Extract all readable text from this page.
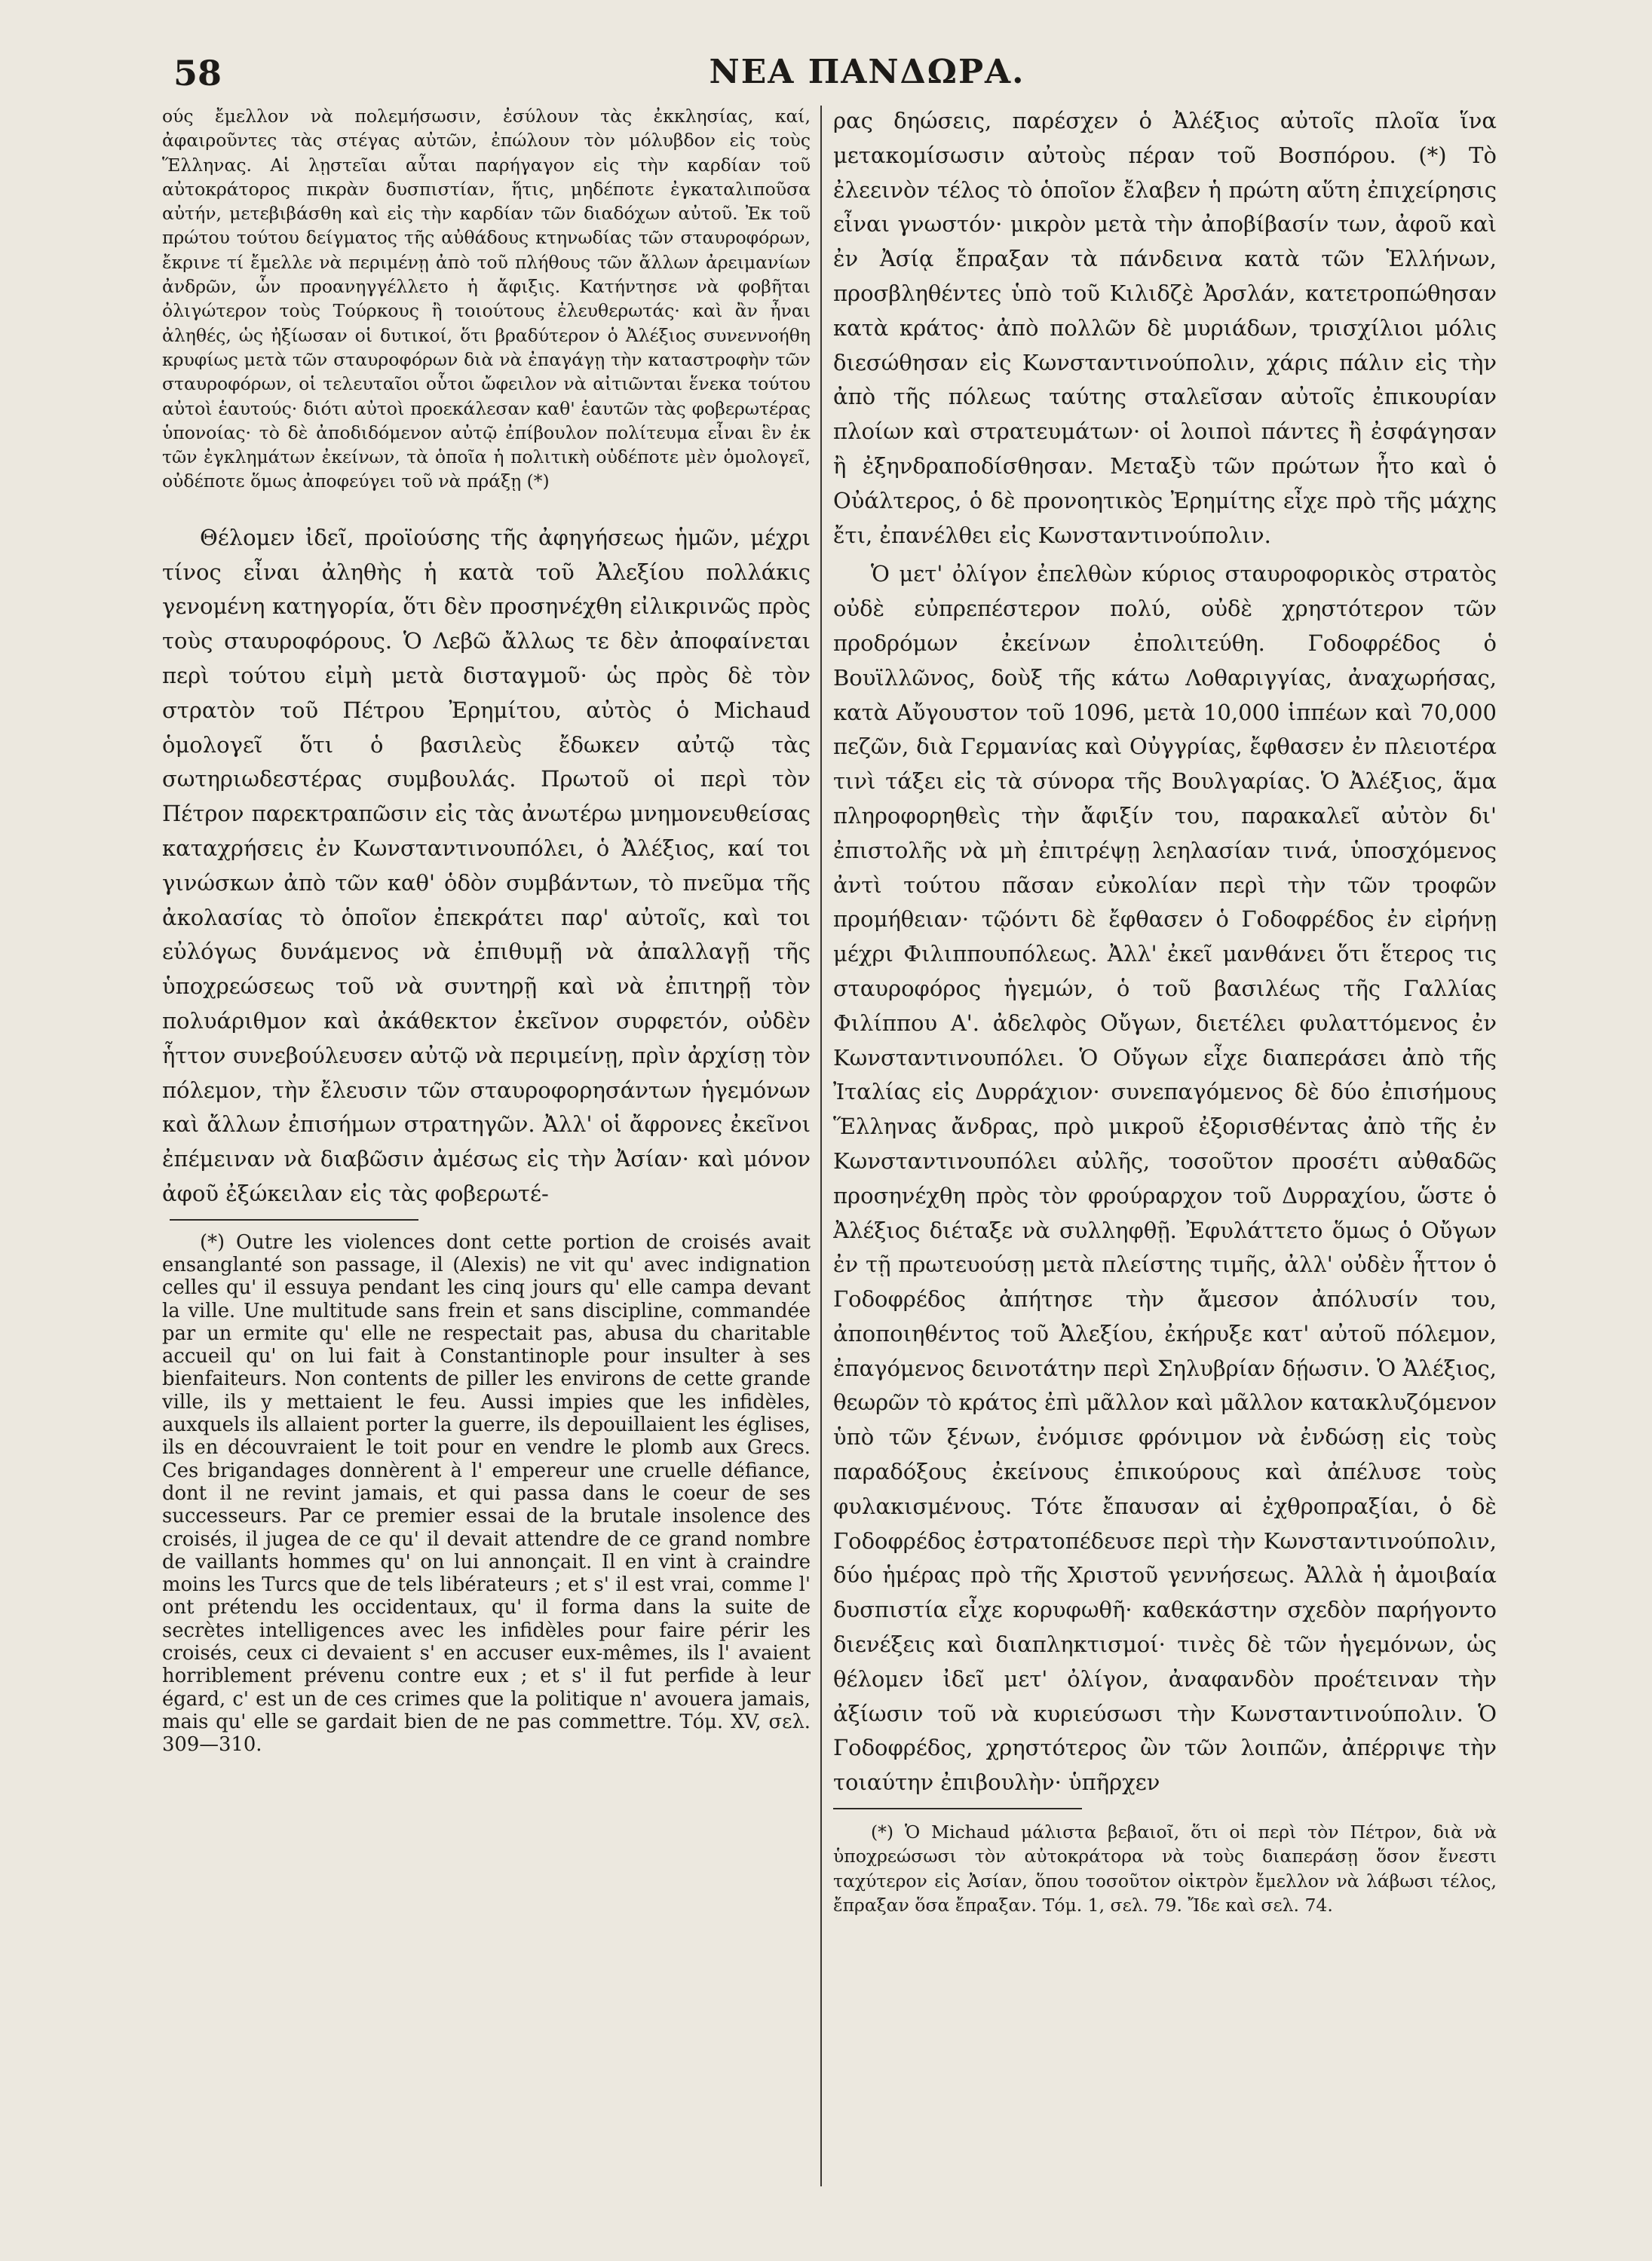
58	ΝΕΑ ΠΑΝΔΩΡΑ.

ούς ἔμελλον νὰ πολεμήσωσιν, ἐσύλουν τὰς ἐκκλησίας, καί, ἀφαιροῦντες τὰς στέγας αὐτῶν, ἐπώλουν τὸν μόλυβδον εἰς τοὺς Ἕλληνας. Αἱ λῃστεῖαι αὗται παρήγαγον εἰς τὴν καρδίαν τοῦ αὐτοκράτορος πικρὰν δυσπιστίαν, ἥτις, μηδέποτε ἐγκαταλιποῦσα αὐτήν, μετεβιβάσθη καὶ εἰς τὴν καρδίαν τῶν διαδόχων αὐτοῦ. Ἐκ τοῦ πρώτου τούτου δείγματος τῆς αὐθάδους κτηνωδίας τῶν σταυροφόρων, ἔκρινε τί ἔμελλε νὰ περιμένῃ ἀπὸ τοῦ πλήθους τῶν ἄλλων ἀρειμανίων ἀνδρῶν, ὧν προανηγγέλλετο ἡ ἄφιξις. Κατήντησε νὰ φοβῆται ὀλιγώτερον τοὺς Τούρκους ἢ τοιούτους ἐλευθερωτάς· καὶ ἂν ἦναι ἀληθές, ὡς ἠξίωσαν οἱ δυτικοί, ὅτι βραδύτερον ὁ Ἀλέξιος συνεννοήθη κρυφίως μετὰ τῶν σταυροφόρων διὰ νὰ ἐπαγάγῃ τὴν καταστροφὴν τῶν σταυροφόρων, οἱ τελευταῖοι οὗτοι ὤφειλον νὰ αἰτιῶνται ἕνεκα τούτου αὐτοὶ ἑαυτούς· διότι αὐτοὶ προεκάλεσαν καθ' ἑαυτῶν τὰς φοβερωτέρας ὑπονοίας· τὸ δὲ ἀποδιδόμενον αὐτῷ ἐπίβουλον πολίτευμα εἶναι ἓν ἐκ τῶν ἐγκλημάτων ἐκείνων, τὰ ὁποῖα ἡ πολιτικὴ οὐδέποτε μὲν ὁμολογεῖ, οὐδέποτε ὅμως ἀποφεύγει τοῦ νὰ πράξῃ (*)

Θέλομεν ἰδεῖ, προϊούσης τῆς ἀφηγήσεως ἡμῶν, μέχρι τίνος εἶναι ἀληθὴς ἡ κατὰ τοῦ Ἀλεξίου πολλάκις γενομένη κατηγορία, ὅτι δὲν προσηνέχθη εἰλικρινῶς πρὸς τοὺς σταυροφόρους. Ὁ Λεβῶ ἄλλως τε δὲν ἀποφαίνεται περὶ τούτου εἰμὴ μετὰ δισταγμοῦ· ὡς πρὸς δὲ τὸν στρατὸν τοῦ Πέτρου Ἐρημίτου, αὐτὸς ὁ Michaud ὁμολογεῖ ὅτι ὁ βασιλεὺς ἔδωκεν αὐτῷ τὰς σωτηριωδεστέρας συμβουλάς. Πρωτοῦ οἱ περὶ τὸν Πέτρον παρεκτραπῶσιν εἰς τὰς ἀνωτέρω μνημονευθείσας καταχρήσεις ἐν Κωνσταντινουπόλει, ὁ Ἀλέξιος, καί τοι γινώσκων ἀπὸ τῶν καθ' ὁδὸν συμβάντων, τὸ πνεῦμα τῆς ἀκολασίας τὸ ὁποῖον ἐπεκράτει παρ' αὐτοῖς, καὶ τοι εὐλόγως δυνάμενος νὰ ἐπιθυμῇ νὰ ἀπαλλαγῇ τῆς ὑποχρεώσεως τοῦ νὰ συντηρῇ καὶ νὰ ἐπιτηρῇ τὸν πολυάριθμον καὶ ἀκάθεκτον ἐκεῖνον συρφετόν, οὐδὲν ἧττον συνεβούλευσεν αὐτῷ νὰ περιμείνῃ, πρὶν ἀρχίσῃ τὸν πόλεμον, τὴν ἔλευσιν τῶν σταυροφορησάντων ἡγεμόνων καὶ ἄλλων ἐπισήμων στρατηγῶν. Ἀλλ' οἱ ἄφρονες ἐκεῖνοι ἐπέμειναν νὰ διαβῶσιν ἀμέσως εἰς τὴν Ἀσίαν· καὶ μόνον ἀφοῦ ἐξώκειλαν εἰς τὰς φοβερωτέ-

(*) Outre les violences dont cette portion de croisés avait ensanglanté son passage, il (Alexis) ne vit qu' avec indignation celles qu' il essuya pendant les cinq jours qu' elle campa devant la ville. Une multitude sans frein et sans discipline, commandée par un ermite qu' elle ne respectait pas, abusa du charitable accueil qu' on lui fait à Constantinople pour insulter à ses bienfaiteurs. Non contents de piller les environs de cette grande ville, ils y mettaient le feu. Aussi impies que les infidèles, auxquels ils allaient porter la guerre, ils depouillaient les églises, ils en découvraient le toit pour en vendre le plomb aux Grecs. Ces brigandages donnèrent à l' empereur une cruelle défiance, dont il ne revint jamais, et qui passa dans le coeur de ses successeurs. Par ce premier essai de la brutale insolence des croisés, il jugea de ce qu' il devait attendre de ce grand nombre de vaillants hommes qu' on lui annonçait. Il en vint à craindre moins les Turcs que de tels libérateurs ; et s' il est vrai, comme l' ont prétendu les occidentaux, qu' il forma dans la suite de secrètes intelligences avec les infidèles pour faire périr les croisés, ceux ci devaient s' en accuser eux-mêmes, ils l' avaient horriblement prévenu contre eux ; et s' il fut perfide à leur égard, c' est un de ces crimes que la politique n' avouera jamais, mais qu' elle se gardait bien de ne pas commettre. Τόμ. XV, σελ. 309—310.

ρας δηώσεις, παρέσχεν ὁ Ἀλέξιος αὐτοῖς πλοῖα ἵνα μετακομίσωσιν αὐτοὺς πέραν τοῦ Βοσπόρου. (*) Τὸ ἐλεεινὸν τέλος τὸ ὁποῖον ἔλαβεν ἡ πρώτη αὕτη ἐπιχείρησις εἶναι γνωστόν· μικρὸν μετὰ τὴν ἀποβίβασίν των, ἀφοῦ καὶ ἐν Ἀσίᾳ ἔπραξαν τὰ πάνδεινα κατὰ τῶν Ἑλλήνων, προσβληθέντες ὑπὸ τοῦ Κιλιδζὲ Ἀρσλάν, κατετροπώθησαν κατὰ κράτος· ἀπὸ πολλῶν δὲ μυριάδων, τρισχίλιοι μόλις διεσώθησαν εἰς Κωνσταντινούπολιν, χάρις πάλιν εἰς τὴν ἀπὸ τῆς πόλεως ταύτης σταλεῖσαν αὐτοῖς ἐπικουρίαν πλοίων καὶ στρατευμάτων· οἱ λοιποὶ πάντες ἢ ἐσφάγησαν ἢ ἐξηνδραποδίσθησαν. Μεταξὺ τῶν πρώτων ἦτο καὶ ὁ Οὐάλτερος, ὁ δὲ προνοητικὸς Ἐρημίτης εἶχε πρὸ τῆς μάχης ἔτι, ἐπανέλθει εἰς Κωνσταντινούπολιν.

Ὁ μετ' ὀλίγον ἐπελθὼν κύριος σταυροφορικὸς στρατὸς οὐδὲ εὐπρεπέστερον πολύ, οὐδὲ χρηστότερον τῶν προδρόμων ἐκείνων ἐπολιτεύθη. Γοδοφρέδος ὁ Βουϊλλῶνος, δοὺξ τῆς κάτω Λοθαριγγίας, ἀναχωρήσας, κατὰ Αὔγουστον τοῦ 1096, μετὰ 10,000 ἱππέων καὶ 70,000 πεζῶν, διὰ Γερμανίας καὶ Οὐγγρίας, ἔφθασεν ἐν πλειοτέρα τινὶ τάξει εἰς τὰ σύνορα τῆς Βουλγαρίας. Ὁ Ἀλέξιος, ἅμα πληροφορηθεὶς τὴν ἄφιξίν του, παρακαλεῖ αὐτὸν δι' ἐπιστολῆς νὰ μὴ ἐπιτρέψῃ λεηλασίαν τινά, ὑποσχόμενος ἀντὶ τούτου πᾶσαν εὐκολίαν περὶ τὴν τῶν τροφῶν προμήθειαν· τῷόντι δὲ ἔφθασεν ὁ Γοδοφρέδος ἐν εἰρήνῃ μέχρι Φιλιππουπόλεως. Ἀλλ' ἐκεῖ μανθάνει ὅτι ἕτερος τις σταυροφόρος ἡγεμών, ὁ τοῦ βασιλέως τῆς Γαλλίας Φιλίππου Α'. ἀδελφὸς Οὔγων, διετέλει φυλαττόμενος ἐν Κωνσταντινουπόλει. Ὁ Οὔγων εἶχε διαπεράσει ἀπὸ τῆς Ἰταλίας εἰς Δυρράχιον· συνεπαγόμενος δὲ δύο ἐπισήμους Ἕλληνας ἄνδρας, πρὸ μικροῦ ἐξορισθέντας ἀπὸ τῆς ἐν Κωνσταντινουπόλει αὐλῆς, τοσοῦτον προσέτι αὐθαδῶς προσηνέχθη πρὸς τὸν φρούραρχον τοῦ Δυρραχίου, ὥστε ὁ Ἀλέξιος διέταξε νὰ συλληφθῇ. Ἐφυλάττετο ὅμως ὁ Οὔγων ἐν τῇ πρωτευούσῃ μετὰ πλείστης τιμῆς, ἀλλ' οὐδὲν ἧττον ὁ Γοδοφρέδος ἀπήτησε τὴν ἄμεσον ἀπόλυσίν του, ἀποποιηθέντος τοῦ Ἀλεξίου, ἐκήρυξε κατ' αὐτοῦ πόλεμον, ἐπαγόμενος δεινοτάτην περὶ Σηλυβρίαν δῄωσιν. Ὁ Ἀλέξιος, θεωρῶν τὸ κράτος ἐπὶ μᾶλλον καὶ μᾶλλον κατακλυζόμενον ὑπὸ τῶν ξένων, ἐνόμισε φρόνιμον νὰ ἐνδώσῃ εἰς τοὺς παραδόξους ἐκείνους ἐπικούρους καὶ ἀπέλυσε τοὺς φυλακισμένους. Τότε ἔπαυσαν αἱ ἐχθροπραξίαι, ὁ δὲ Γοδοφρέδος ἐστρατοπέδευσε περὶ τὴν Κωνσταντινούπολιν, δύο ἡμέρας πρὸ τῆς Χριστοῦ γεννήσεως. Ἀλλὰ ἡ ἀμοιβαία δυσπιστία εἶχε κορυφωθῆ· καθεκάστην σχεδὸν παρήγοντο διενέξεις καὶ διαπληκτισμοί· τινὲς δὲ τῶν ἡγεμόνων, ὡς θέλομεν ἰδεῖ μετ' ὀλίγον, ἀναφανδὸν προέτειναν τὴν ἀξίωσιν τοῦ νὰ κυριεύσωσι τὴν Κωνσταντινούπολιν. Ὁ Γοδοφρέδος, χρηστότερος ὢν τῶν λοιπῶν, ἀπέρριψε τὴν τοιαύτην ἐπιβουλὴν· ὑπῆρχεν

(*) Ὁ Michaud μάλιστα βεβαιοῖ, ὅτι οἱ περὶ τὸν Πέτρον, διὰ νὰ ὑποχρεώσωσι τὸν αὐτοκράτορα νὰ τοὺς διαπεράσῃ ὅσον ἔνεστι ταχύτερον εἰς Ἀσίαν, ὅπου τοσοῦτον οἰκτρὸν ἔμελλον νὰ λάβωσι τέλος, ἔπραξαν ὅσα ἔπραξαν. Τόμ. 1, σελ. 79. Ἴδε καὶ σελ. 74.
